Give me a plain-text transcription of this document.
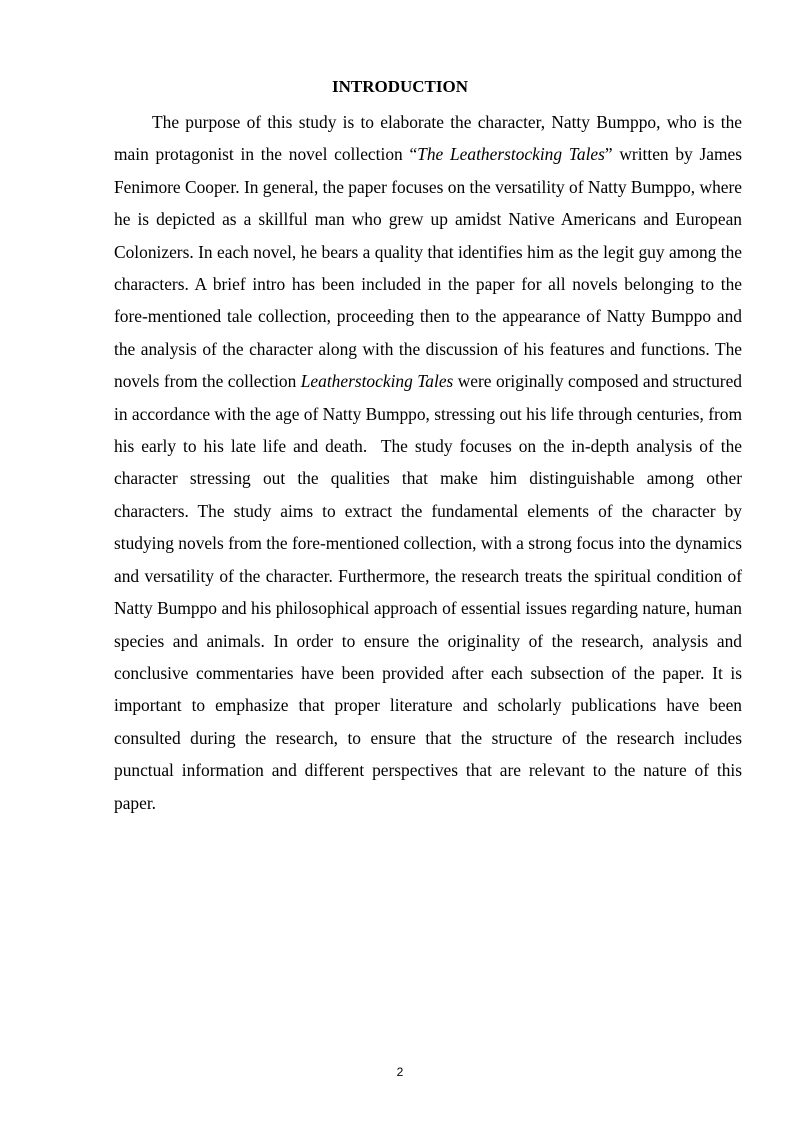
INTRODUCTION

The purpose of this study is to elaborate the character, Natty Bumppo, who is the main protagonist in the novel collection “The Leatherstocking Tales” written by James Fenimore Cooper. In general, the paper focuses on the versatility of Natty Bumppo, where he is depicted as a skillful man who grew up amidst Native Americans and European Colonizers. In each novel, he bears a quality that identifies him as the legit guy among the characters. A brief intro has been included in the paper for all novels belonging to the fore-mentioned tale collection, proceeding then to the appearance of Natty Bumppo and the analysis of the character along with the discussion of his features and functions. The novels from the collection Leatherstocking Tales were originally composed and structured in accordance with the age of Natty Bumppo, stressing out his life through centuries, from his early to his late life and death.  The study focuses on the in-depth analysis of the character stressing out the qualities that make him distinguishable among other characters. The study aims to extract the fundamental elements of the character by studying novels from the fore-mentioned collection, with a strong focus into the dynamics and versatility of the character. Furthermore, the research treats the spiritual condition of Natty Bumppo and his philosophical approach of essential issues regarding nature, human species and animals. In order to ensure the originality of the research, analysis and conclusive commentaries have been provided after each subsection of the paper. It is important to emphasize that proper literature and scholarly publications have been consulted during the research, to ensure that the structure of the research includes punctual information and different perspectives that are relevant to the nature of this paper.

2
